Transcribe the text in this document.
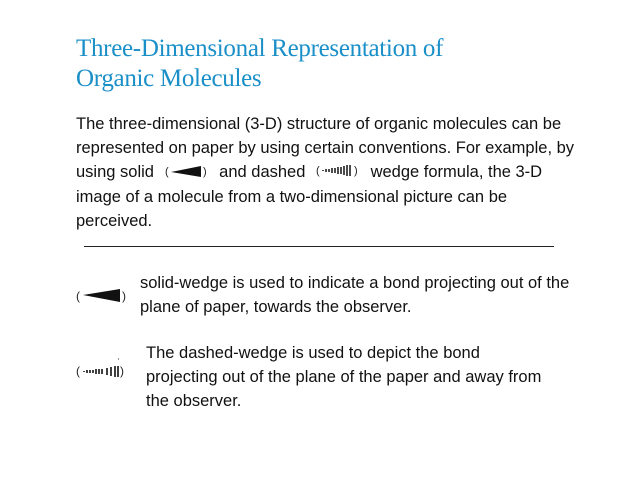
Three-Dimensional Representation of
Organic Molecules
The three-dimensional (3-D) structure of organic molecules can be represented on paper by using certain conventions. For example, by using solid (	) and dashed (	) wedge formula, the 3-D image of a molecule from a two-dimensional picture can be perceived.
(	)
solid-wedge is used to indicate a bond projecting out of the plane of paper, towards the observer.
(	)
The dashed-wedge is used to depict the bond projecting out of the plane of the paper and away from the observer.
